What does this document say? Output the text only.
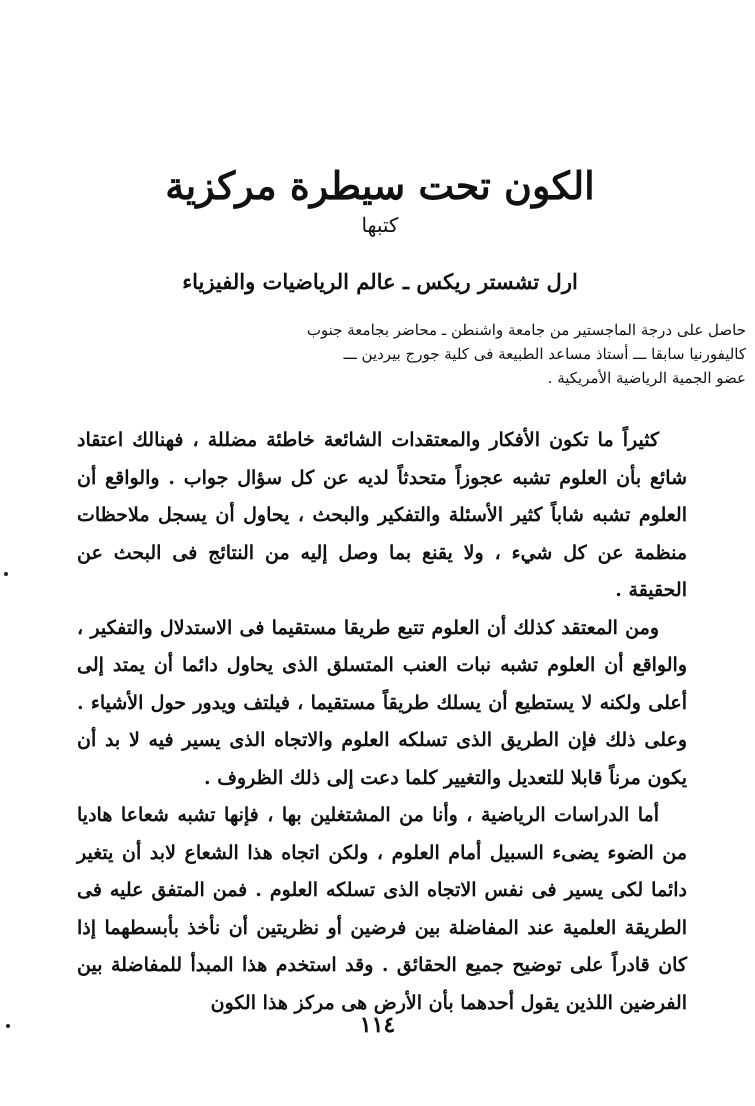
الكون تحت سيطرة مركزية
كتبها
ارل تشستر ريكس ـ عالم الرياضيات والفيزياء
حاصل على درجة الماجستير من جامعة واشنطن ـ محاضر بجامعة جنوب
كاليفورنيا سابقا ـــ أستاذ مساعد الطبيعة فى كلية جورج بيردين ـــ
عضو الجمية الرياضية الأمريكية .

كثيراً ما تكون الأفكار والمعتقدات الشائعة خاطئة مضللة ، فهنالك اعتقاد شائع بأن العلوم تشبه عجوزاً متحدثاً لديه عن كل سؤال جواب . والواقع أن العلوم تشبه شاباً كثير الأسئلة والتفكير والبحث ، يحاول أن يسجل ملاحظات منظمة عن كل شيء ، ولا يقنع بما وصل إليه من النتائج فى البحث عن الحقيقة .

ومن المعتقد كذلك أن العلوم تتبع طريقا مستقيما فى الاستدلال والتفكير ، والواقع أن العلوم تشبه نبات العنب المتسلق الذى يحاول دائما أن يمتد إلى أعلى ولكنه لا يستطيع أن يسلك طريقاً مستقيما ، فيلتف ويدور حول الأشياء . وعلى ذلك فإن الطريق الذى تسلكه العلوم والاتجاه الذى يسير فيه لا بد أن يكون مرناً قابلا للتعديل والتغيير كلما دعت إلى ذلك الظروف .

أما الدراسات الرياضية ، وأنا من المشتغلين بها ، فإنها تشبه شعاعا هاديا من الضوء يضىء السبيل أمام العلوم ، ولكن اتجاه هذا الشعاع لابد أن يتغير دائما لكى يسير فى نفس الاتجاه الذى تسلكه العلوم . فمن المتفق عليه فى الطريقة العلمية عند المفاضلة بين فرضين أو نظريتين أن نأخذ بأبسطهما إذا كان قادراً على توضيح جميع الحقائق . وقد استخدم هذا المبدأ للمفاضلة بين الفرضين اللذين يقول أحدهما بأن الأرض هى مركز هذا الكون

١١٤
